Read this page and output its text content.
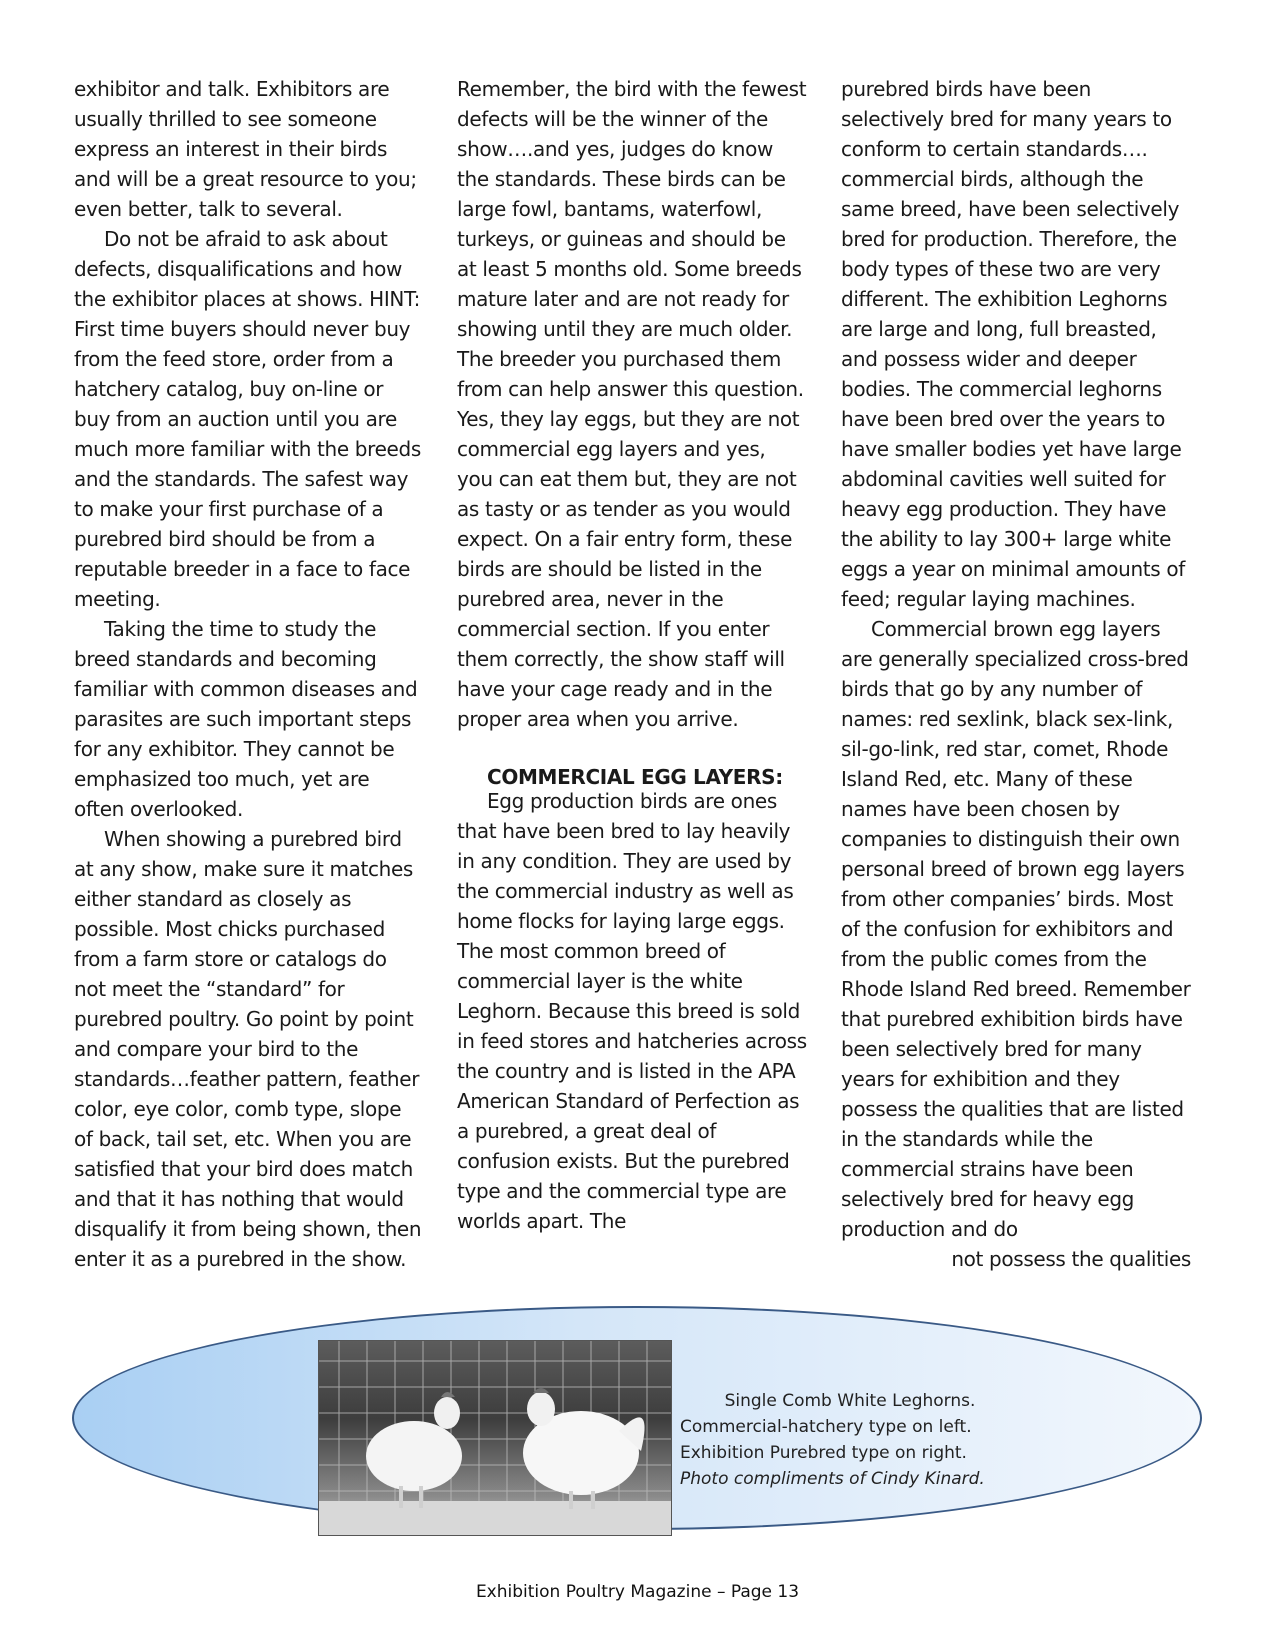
exhibitor and talk. Exhibitors are usually thrilled to see someone express an interest in their birds and will be a great resource to you; even better, talk to several.

Do not be afraid to ask about defects, disqualifications and how the exhibitor places at shows. HINT: First time buyers should never buy from the feed store, order from a hatchery catalog, buy on-line or buy from an auction until you are much more familiar with the breeds and the standards. The safest way to make your first purchase of a purebred bird should be from a reputable breeder in a face to face meeting.

Taking the time to study the breed standards and becoming familiar with common diseases and parasites are such important steps for any exhibitor. They cannot be emphasized too much, yet are often overlooked.

When showing a purebred bird at any show, make sure it matches either standard as closely as possible. Most chicks purchased from a farm store or catalogs do not meet the “standard” for purebred poultry. Go point by point and compare your bird to the standards…feather pattern, feather color, eye color, comb type, slope of back, tail set, etc. When you are satisfied that your bird does match and that it has nothing that would disqualify it from being shown, then enter it as a purebred in the show.

Remember, the bird with the fewest defects will be the winner of the show….and yes, judges do know the standards. These birds can be large fowl, bantams, waterfowl, turkeys, or guineas and should be at least 5 months old. Some breeds mature later and are not ready for showing until they are much older. The breeder you purchased them from can help answer this question. Yes, they lay eggs, but they are not commercial egg layers and yes, you can eat them but, they are not as tasty or as tender as you would expect. On a fair entry form, these birds are should be listed in the purebred area, never in the commercial section. If you enter them correctly, the show staff will have your cage ready and in the proper area when you arrive.

COMMERCIAL EGG LAYERS:

Egg production birds are ones that have been bred to lay heavily in any condition. They are used by the commercial industry as well as home flocks for laying large eggs. The most common breed of commercial layer is the white Leghorn. Because this breed is sold in feed stores and hatcheries across the country and is listed in the APA American Standard of Perfection as a purebred, a great deal of confusion exists. But the purebred type and the commercial type are worlds apart. The

purebred birds have been selectively bred for many years to conform to certain standards…. commercial birds, although the same breed, have been selectively bred for production. Therefore, the body types of these two are very different. The exhibition Leghorns are large and long, full breasted, and possess wider and deeper bodies. The commercial leghorns have been bred over the years to have smaller bodies yet have large abdominal cavities well suited for heavy egg production. They have the ability to lay 300+ large white eggs a year on minimal amounts of feed; regular laying machines.

Commercial brown egg layers are generally specialized cross-bred birds that go by any number of names: red sexlink, black sex-link, sil-go-link, red star, comet, Rhode Island Red, etc. Many of these names have been chosen by companies to distinguish their own personal breed of brown egg layers from other companies’ birds. Most of the confusion for exhibitors and from the public comes from the Rhode Island Red breed. Remember that purebred exhibition birds have been selectively bred for many years for exhibition and they possess the qualities that are listed in the standards while the commercial strains have been selectively bred for heavy egg production and do

not possess the qualities

Single Comb White Leghorns.
Commercial-hatchery type on left.
Exhibition Purebred type on right.
Photo compliments of Cindy Kinard.
Exhibition Poultry Magazine – Page 13
